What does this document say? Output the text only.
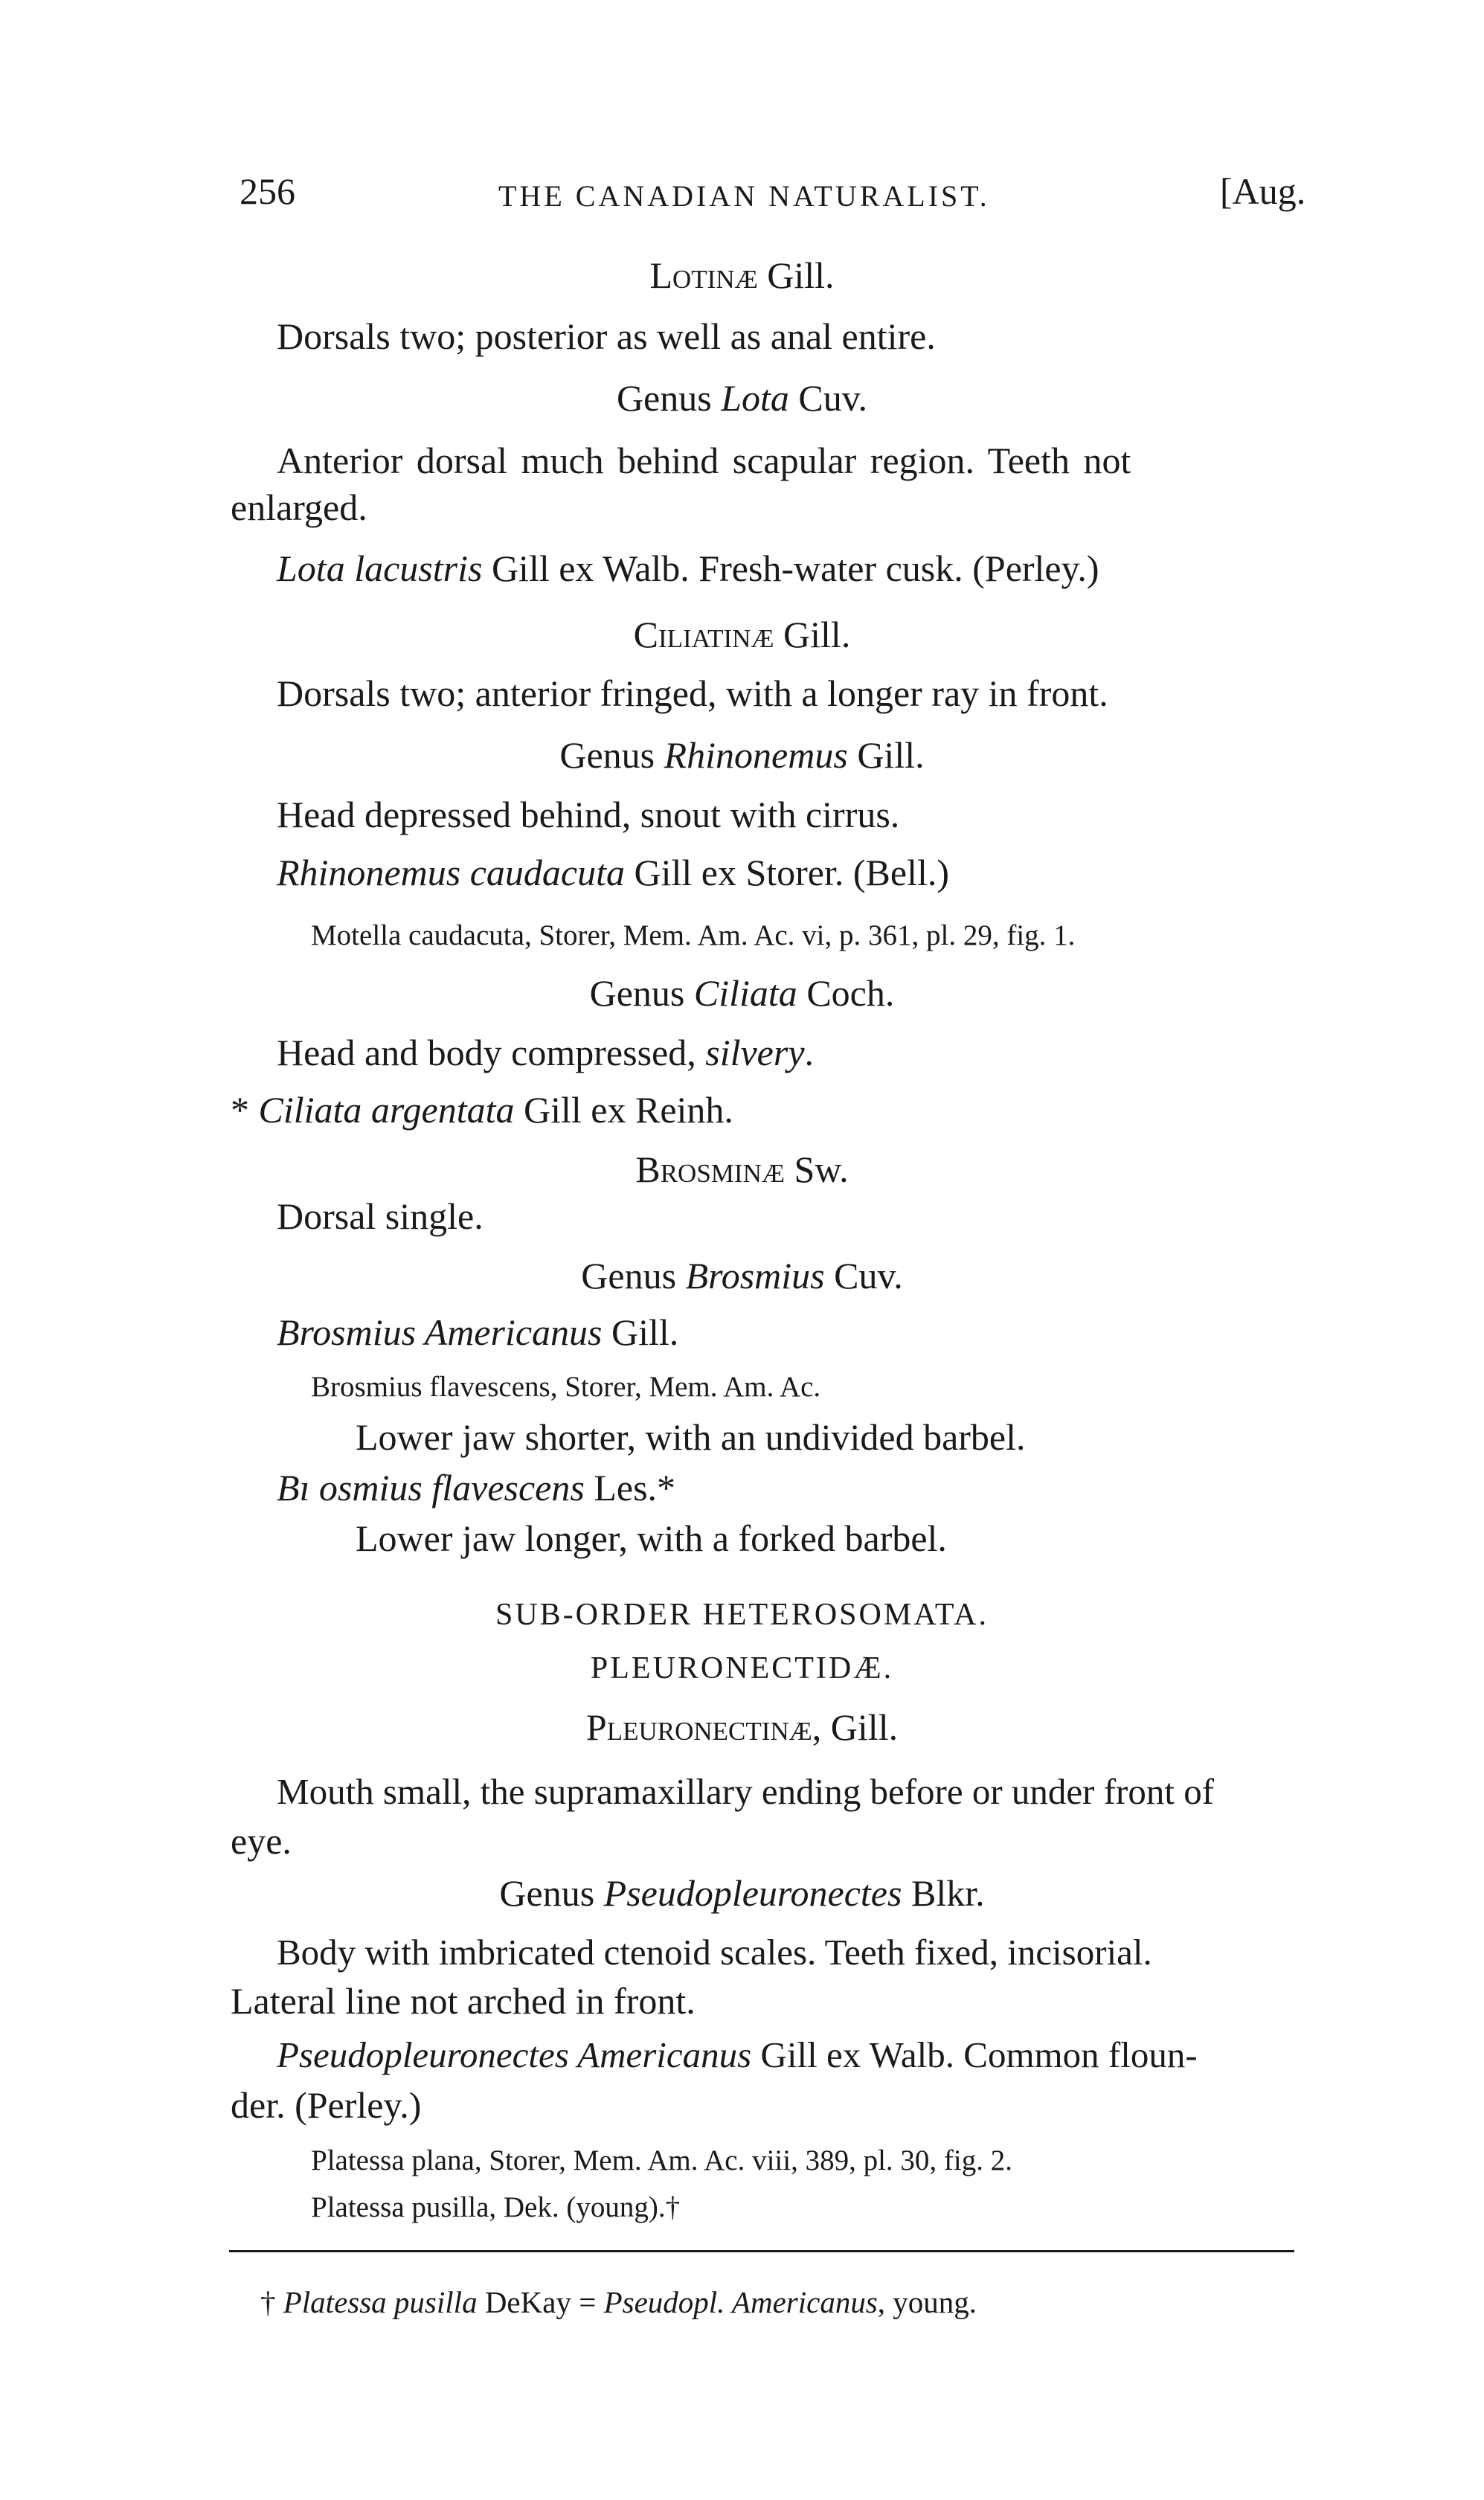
256	THE CANADIAN NATURALIST.	[Aug.
Lotinæ Gill.
Dorsals two; posterior as well as anal entire.
Genus Lota Cuv.
Anterior dorsal much behind scapular region. Teeth not
enlarged.
Lota lacustris Gill ex Walb. Fresh-water cusk. (Perley.)
Ciliatinæ Gill.
Dorsals two; anterior fringed, with a longer ray in front.
Genus Rhinonemus Gill.
Head depressed behind, snout with cirrus.
Rhinonemus caudacuta Gill ex Storer. (Bell.)
Motella caudacuta, Storer, Mem. Am. Ac. vi, p. 361, pl. 29, fig. 1.
Genus Ciliata Coch.
Head and body compressed, silvery.
* Ciliata argentata Gill ex Reinh.
Brosminæ Sw.
Dorsal single.
Genus Brosmius Cuv.
Brosmius Americanus Gill.
Brosmius flavescens, Storer, Mem. Am. Ac.
Lower jaw shorter, with an undivided barbel.
Bı osmius flavescens Les.*
Lower jaw longer, with a forked barbel.
SUB-ORDER HETEROSOMATA.
PLEURONECTIDÆ.
Pleuronectinæ, Gill.
Mouth small, the supramaxillary ending before or under front of
eye.
Genus Pseudopleuronectes Blkr.
Body with imbricated ctenoid scales. Teeth fixed, incisorial.
Lateral line not arched in front.
Pseudopleuronectes Americanus Gill ex Walb. Common floun-
der. (Perley.)
Platessa plana, Storer, Mem. Am. Ac. viii, 389, pl. 30, fig. 2.
Platessa pusilla, Dek. (young).†
† Platessa pusilla DeKay = Pseudopl. Americanus, young.
